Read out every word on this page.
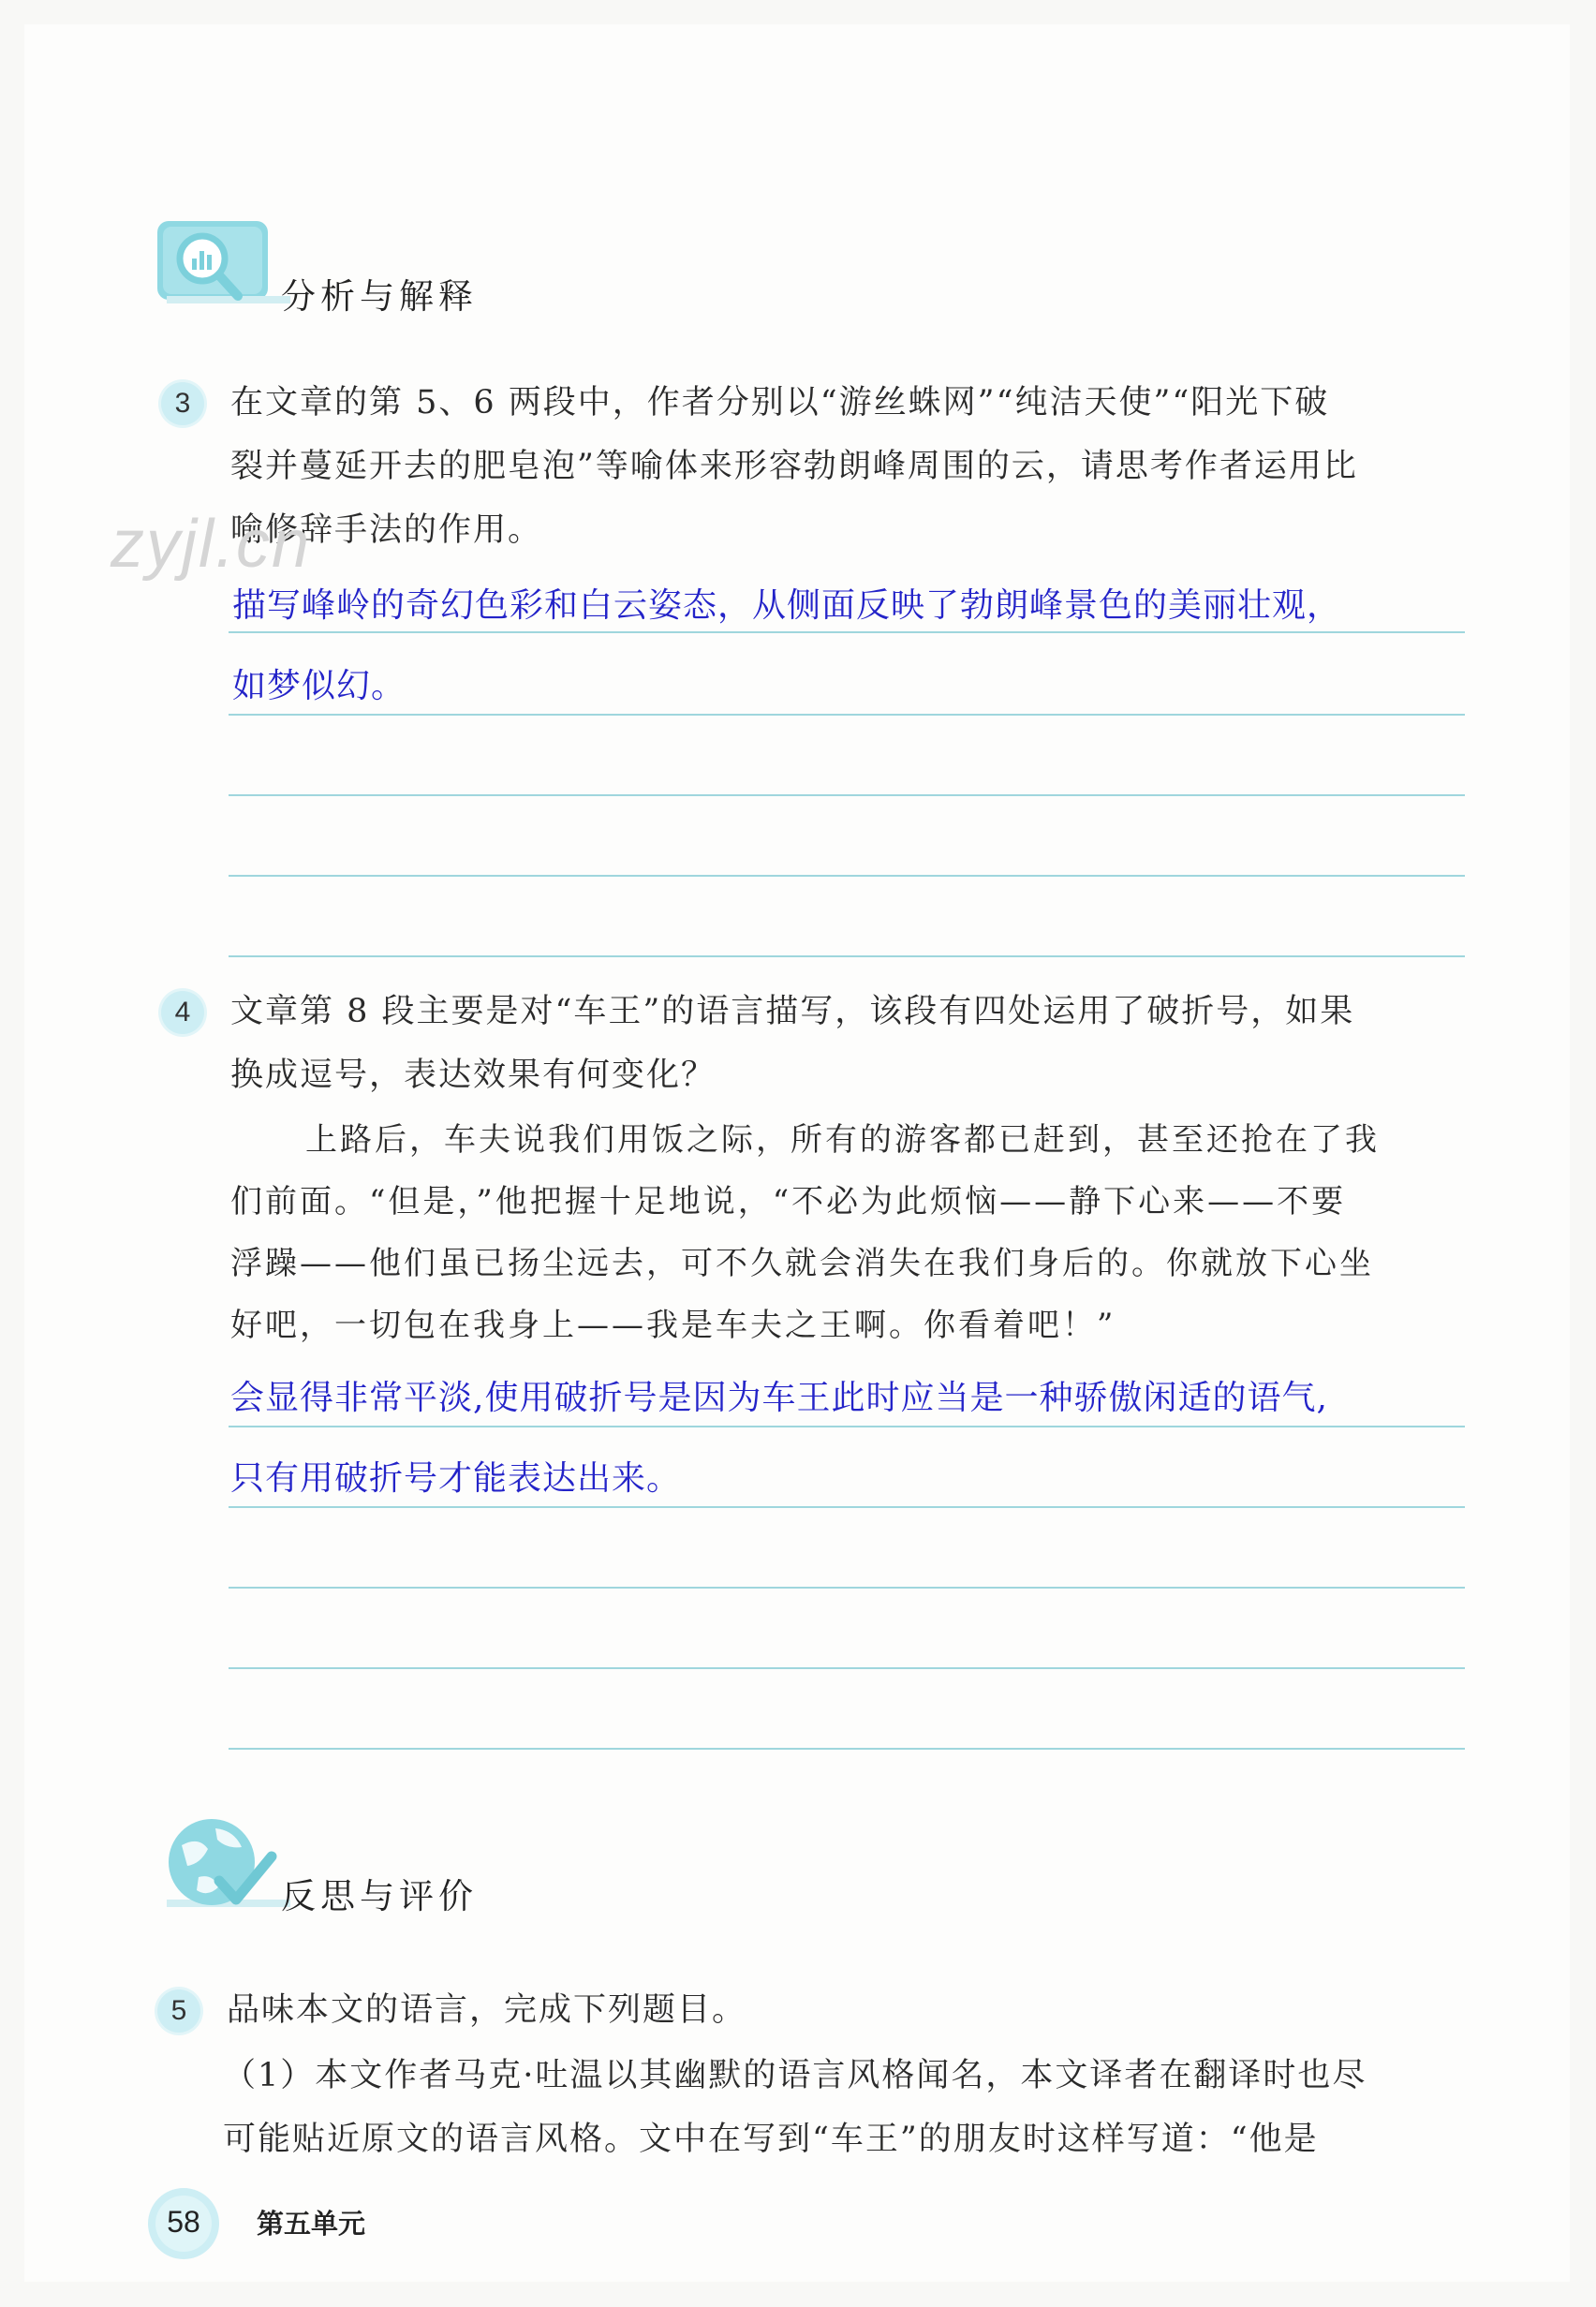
分析与解释
3	在文章的第 5、6 两段中，作者分别以“游丝蛛网”“纯洁天使”“阳光下破
裂并蔓延开去的肥皂泡”等喻体来形容勃朗峰周围的云，请思考作者运用比
喻修辞手法的作用。
zyjl.cn
描写峰岭的奇幻色彩和白云姿态，从侧面反映了勃朗峰景色的美丽壮观，
如梦似幻。
4	文章第 8 段主要是对“车王”的语言描写，该段有四处运用了破折号，如果
换成逗号，表达效果有何变化？
上路后，车夫说我们用饭之际，所有的游客都已赶到，甚至还抢在了我
们前面。“但是，”他把握十足地说，“不必为此烦恼——静下心来——不要
浮躁——他们虽已扬尘远去，可不久就会消失在我们身后的。你就放下心坐
好吧，一切包在我身上——我是车夫之王啊。你看着吧！”
会显得非常平淡,使用破折号是因为车王此时应当是一种骄傲闲适的语气,
只有用破折号才能表达出来。
反思与评价
5	品味本文的语言，完成下列题目。
（1）本文作者马克·吐温以其幽默的语言风格闻名，本文译者在翻译时也尽
可能贴近原文的语言风格。文中在写到“车王”的朋友时这样写道：“他是
58	第五单元
